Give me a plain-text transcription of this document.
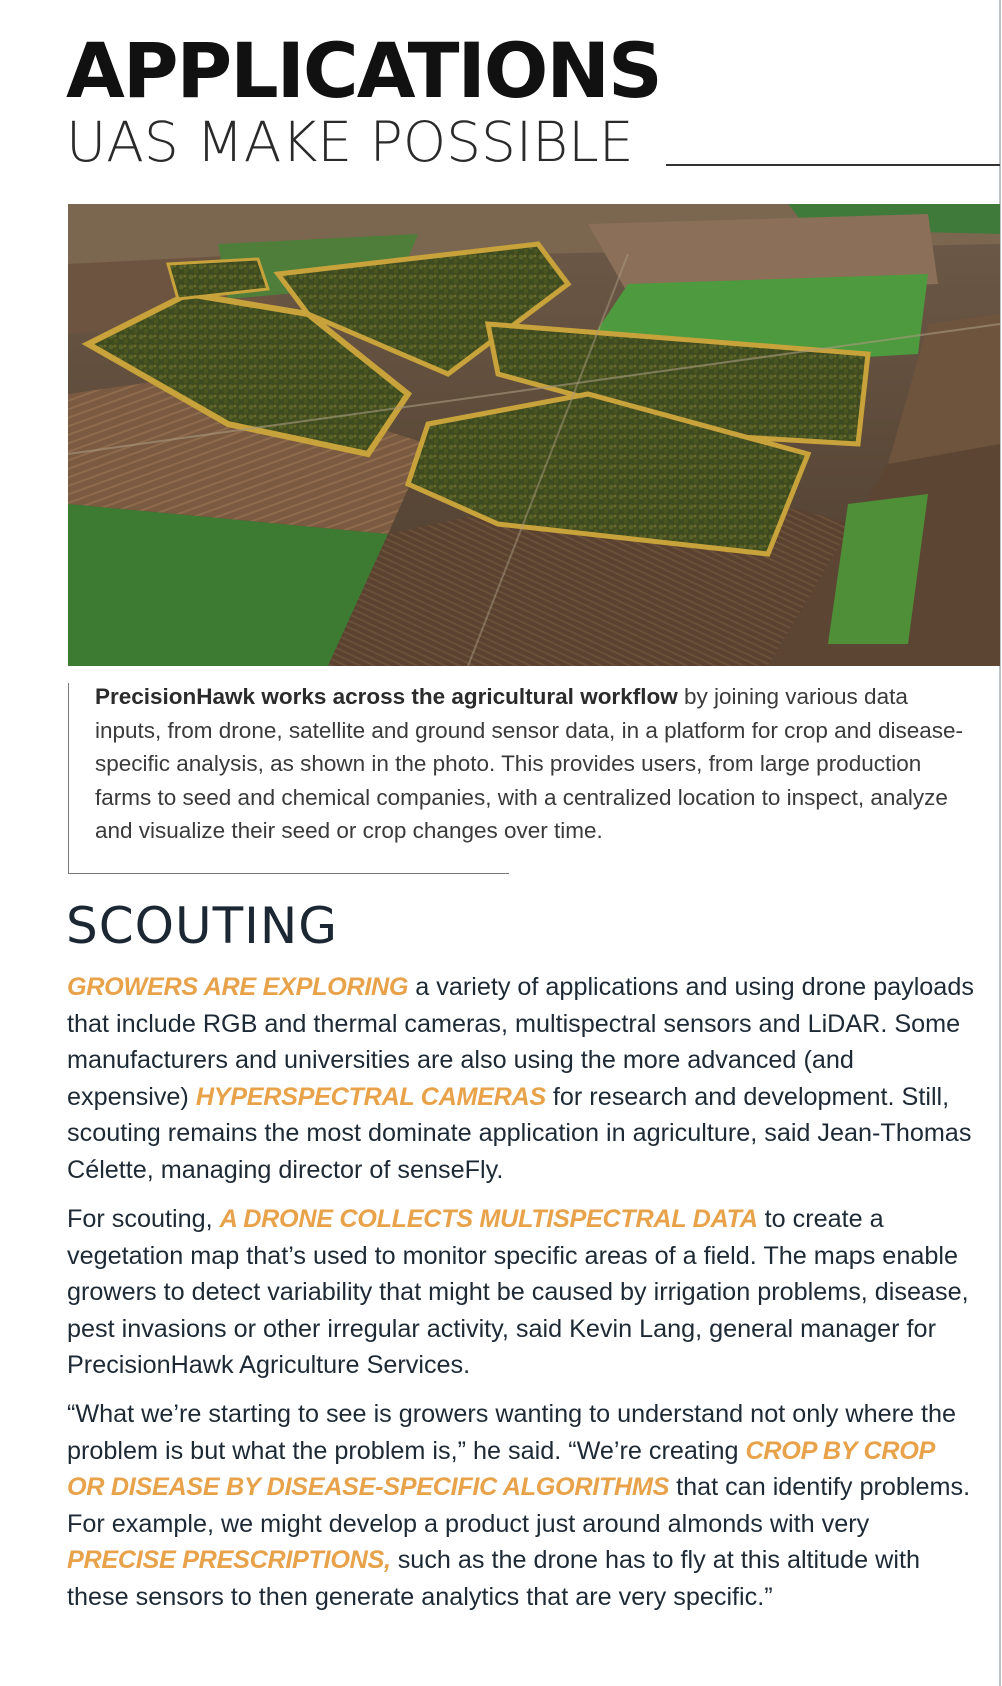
APPLICATIONS
UAS MAKE POSSIBLE

PrecisionHawk works across the agricultural workflow by joining various data inputs, from drone, satellite and ground sensor data, in a platform for crop and disease-specific analysis, as shown in the photo. This provides users, from large production farms to seed and chemical companies, with a centralized location to inspect, analyze and visualize their seed or crop changes over time.

SCOUTING

GROWERS ARE EXPLORING a variety of applications and using drone payloads that include RGB and thermal cameras, multispectral sensors and LiDAR. Some manufacturers and universities are also using the more advanced (and expensive) HYPERSPECTRAL CAMERAS for research and development. Still, scouting remains the most dominate application in agriculture, said Jean-Thomas Célette, managing director of senseFly.

For scouting, A DRONE COLLECTS MULTISPECTRAL DATA to create a vegetation map that’s used to monitor specific areas of a field. The maps enable growers to detect variability that might be caused by irrigation problems, disease, pest invasions or other irregular activity, said Kevin Lang, general manager for PrecisionHawk Agriculture Services.

“What we’re starting to see is growers wanting to understand not only where the problem is but what the problem is,” he said. “We’re creating CROP BY CROP OR DISEASE BY DISEASE-SPECIFIC ALGORITHMS that can identify problems. For example, we might develop a product just around almonds with very PRECISE PRESCRIPTIONS, such as the drone has to fly at this altitude with these sensors to then generate analytics that are very specific.”
